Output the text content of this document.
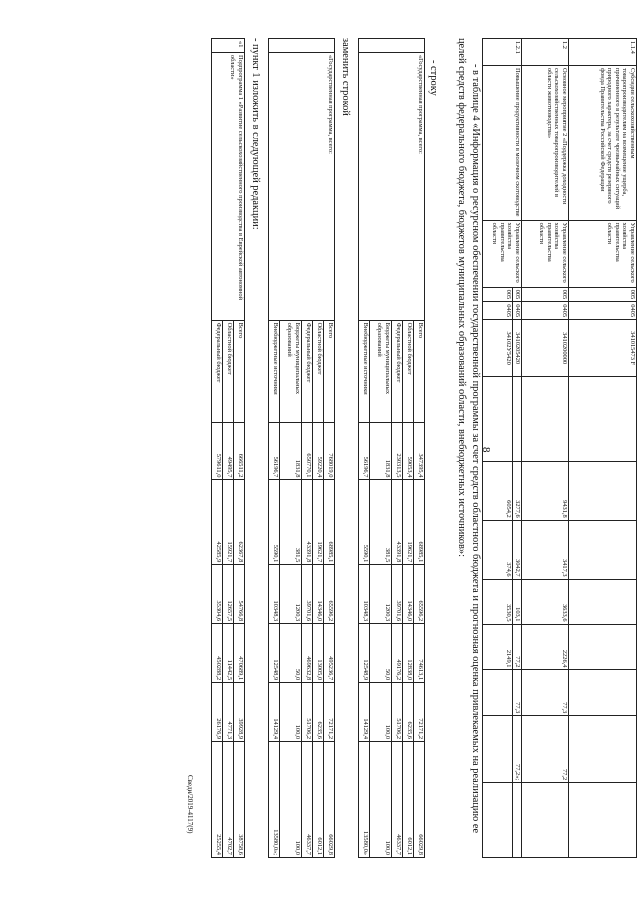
8
1.1.4	Субсидии сельскохозяйственным товаропроизводителям на возмещение ущерба, причиненного в результате чрезвычайных ситуаций природного характера, за счет средств резервного фонда Правительства Российской Федерации	Управление сельского хозяйства правительства области	005	0405	341015473 F								
1.2	Основное мероприятие 2 «Поддержка доходности сельскохозяйственных товаропроизводителей в области животноводства»	Управление сельского хозяйства правительства области	005	0405	3410200000		9431,8	3417,3	3633,6	2226,4	77,3	77,2	
1.2.1	Повышение продуктивности в молочном скотоводстве	Управление сельского хозяйства правительства области	005	0405	3410205420		3277,6	3042,7	103,1	77,2	77,3	77,2»;	
			005	0405	34102У5420		6054,2	374,6	3530,5	2149,1			
- в таблице 4 «Информация о ресурсном обеспечении государственной программы за счет средств областного бюджета и прогнозная оценка привлекаемых на реализацию ее целей средств федерального бюджета, бюджетов муниципальных образований области, внебюджетных источников»:
- строку
	«Государственная программа, всего:	Всего	347395,4	68985,1	65596,2	74613,1	72171,2	66029,8
		Областной бюджет	59053,4	19621,7	14346,0	12838,0	6235,6	6012,1
		Федеральный бюджет	230313,5	43391,8	39701,6	49176,2	51706,2	46337,7
		Бюджеты муниципальных образований	1831,8	381,5	1200,3	50,0	100,0	100,0
		Внебюджетные источники	56196,7	5590,1	10348,3	12548,9	14129,4	13580,0»
заменить строкой
	«Государственная программа, всего:	Всего	768019,0	68985,1	65596,2	495236,7	72171,2	66029,8
		Областной бюджет	59220,4	19621,7	14346,0	13005,0	6235,6	6012,1
		Федеральный бюджет	650770,1	43391,8	39701,6	469632,8	51706,2	46337,7
		Бюджеты муниципальных образований	1831,8	381,5	1200,3	50,0	100,0	100,0
		Внебюджетные источники	56196,7	5590,1	10348,3	12548,9	14129,4	13580,0»;
- пункт 1 изложить в следующей редакции:
«1	Подпрограмма 1 «Развитие сельскохозяйственного производства в Еврейской автономной области»	Всего	666511,2	62367,8	54766,8	470689,1	39928,9	38758,6
		Областной бюджет	49495,7	15921,7	12657,5	11442,5	4771,3	4702,7
		Федеральный бюджет	579611,0	42585,9	35304,6	450288,2	26176,9	25255,4
Сведи/2019-4117(9)
